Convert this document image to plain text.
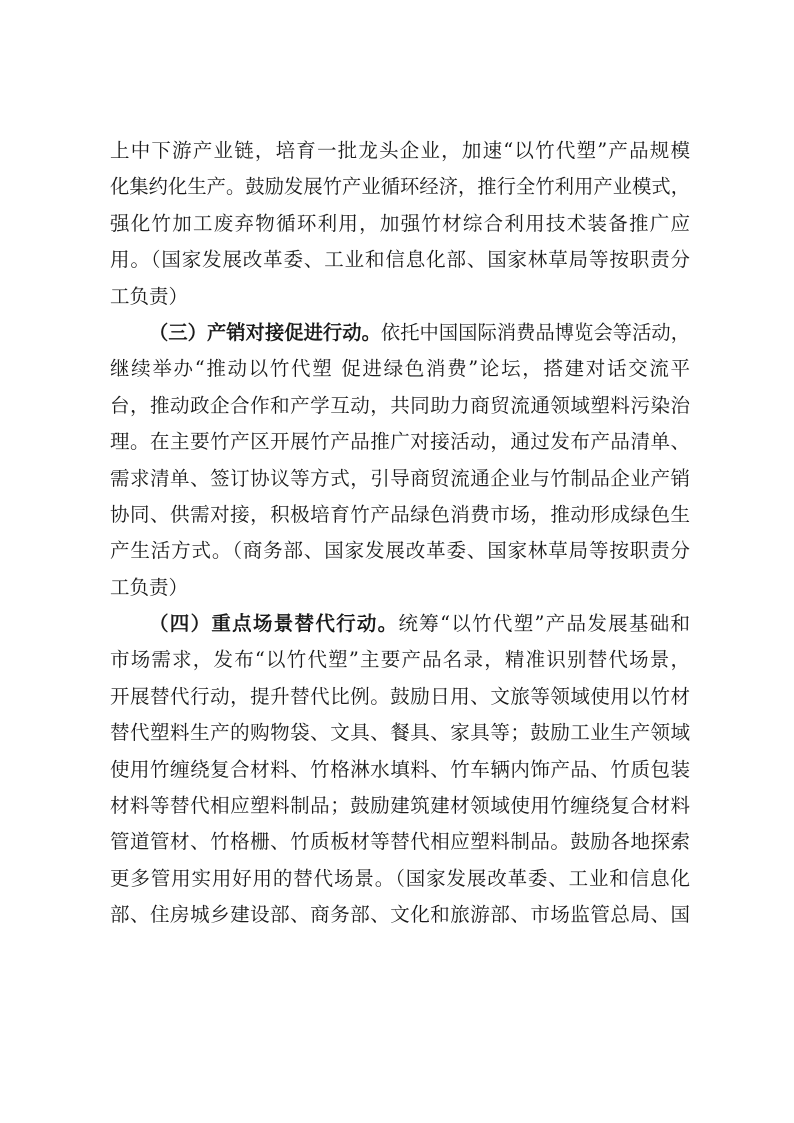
上中下游产业链，培育一批龙头企业，加速“以竹代塑”产品规模
化集约化生产。鼓励发展竹产业循环经济，推行全竹利用产业模式，
强化竹加工废弃物循环利用，加强竹材综合利用技术装备推广应
用。（国家发展改革委、工业和信息化部、国家林草局等按职责分
工负责）
（三）产销对接促进行动。依托中国国际消费品博览会等活动，
继续举办“推动以竹代塑 促进绿色消费”论坛，搭建对话交流平
台，推动政企合作和产学互动，共同助力商贸流通领域塑料污染治
理。在主要竹产区开展竹产品推广对接活动，通过发布产品清单、
需求清单、签订协议等方式，引导商贸流通企业与竹制品企业产销
协同、供需对接，积极培育竹产品绿色消费市场，推动形成绿色生
产生活方式。（商务部、国家发展改革委、国家林草局等按职责分
工负责）
（四）重点场景替代行动。统筹“以竹代塑”产品发展基础和
市场需求，发布“以竹代塑”主要产品名录，精准识别替代场景，
开展替代行动，提升替代比例。鼓励日用、文旅等领域使用以竹材
替代塑料生产的购物袋、文具、餐具、家具等；鼓励工业生产领域
使用竹缠绕复合材料、竹格淋水填料、竹车辆内饰产品、竹质包装
材料等替代相应塑料制品；鼓励建筑建材领域使用竹缠绕复合材料
管道管材、竹格栅、竹质板材等替代相应塑料制品。鼓励各地探索
更多管用实用好用的替代场景。（国家发展改革委、工业和信息化
部、住房城乡建设部、商务部、文化和旅游部、市场监管总局、国
